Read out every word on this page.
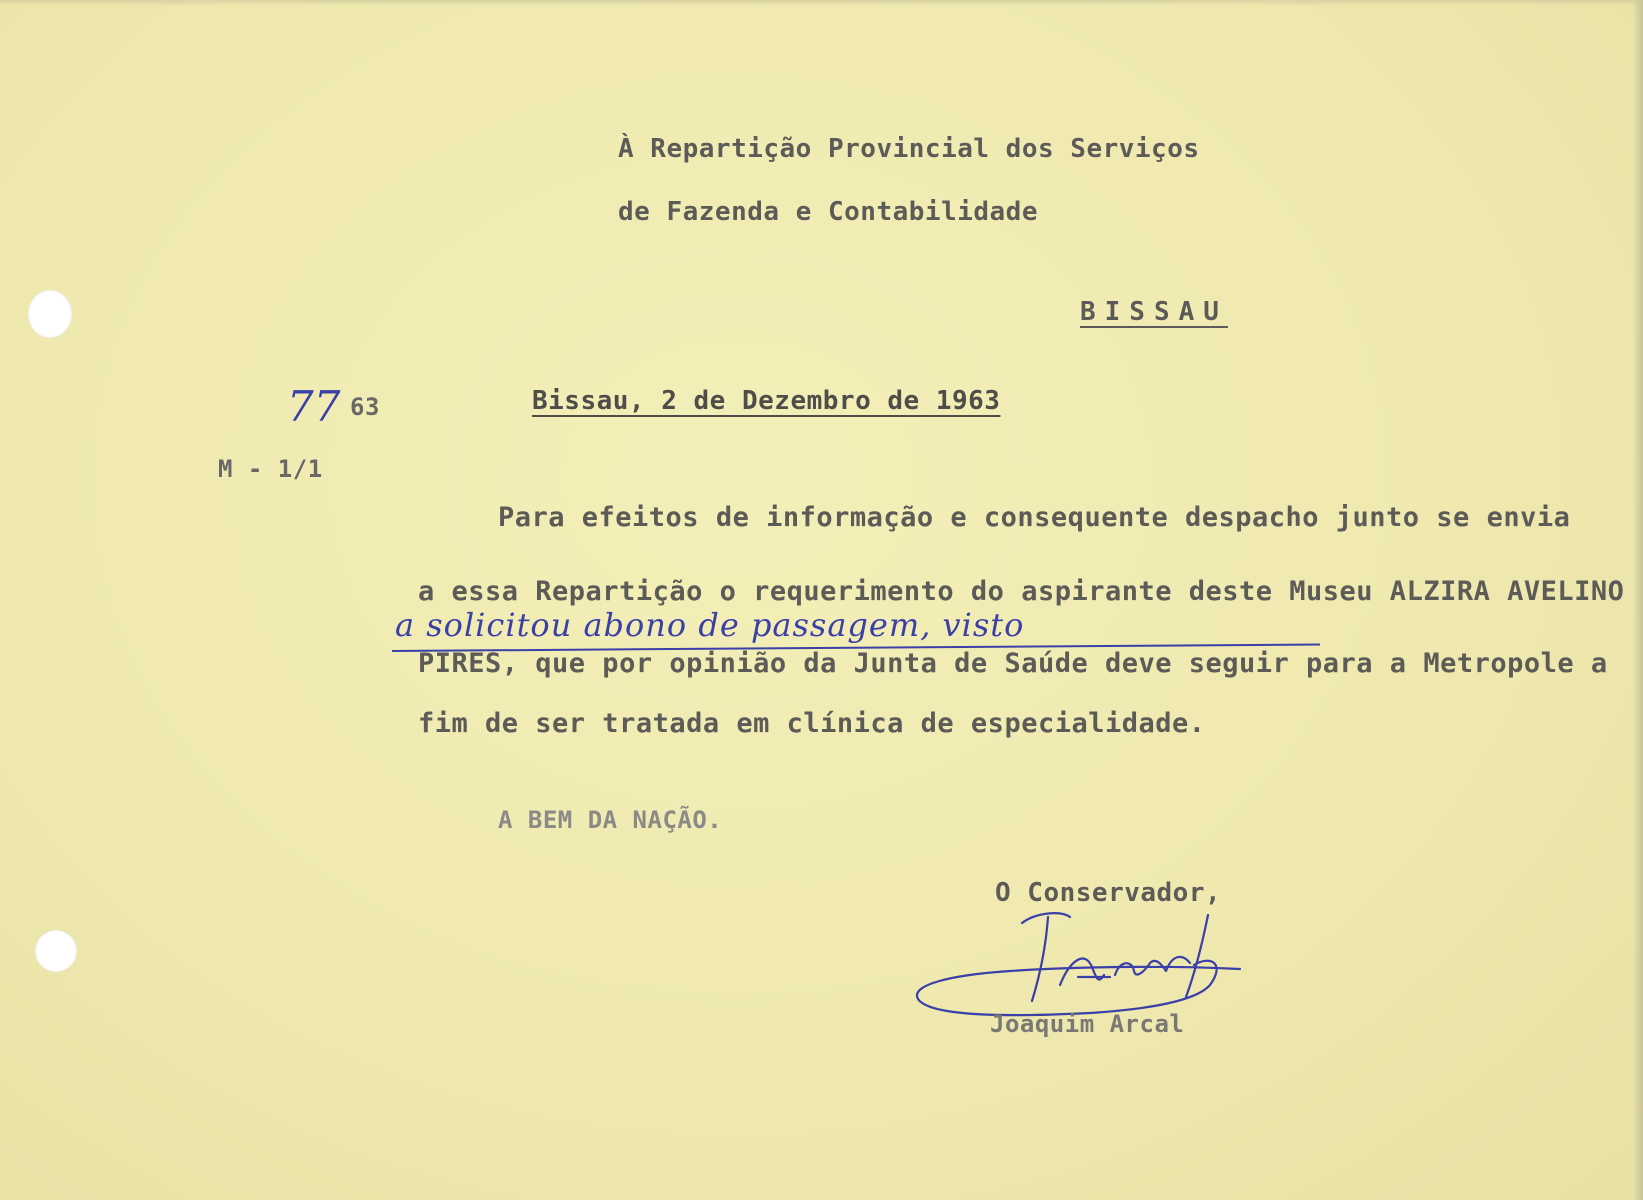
À Repartição Provincial dos Serviços
de Fazenda e Contabilidade
BISSAU
77 63
M - 1/1
Bissau, 2 de Dezembro de 1963
Para efeitos de informação e consequente despacho junto se envia
a essa Repartição o requerimento do aspirante deste Museu ALZIRA AVELINO
a solicitou abono de passagem, visto
PIRES, que por opinião da Junta de Saúde deve seguir para a Metropole a
fim de ser tratada em clínica de especialidade.
A BEM DA NAÇÃO.
O Conservador,
Joaquim Arcal
